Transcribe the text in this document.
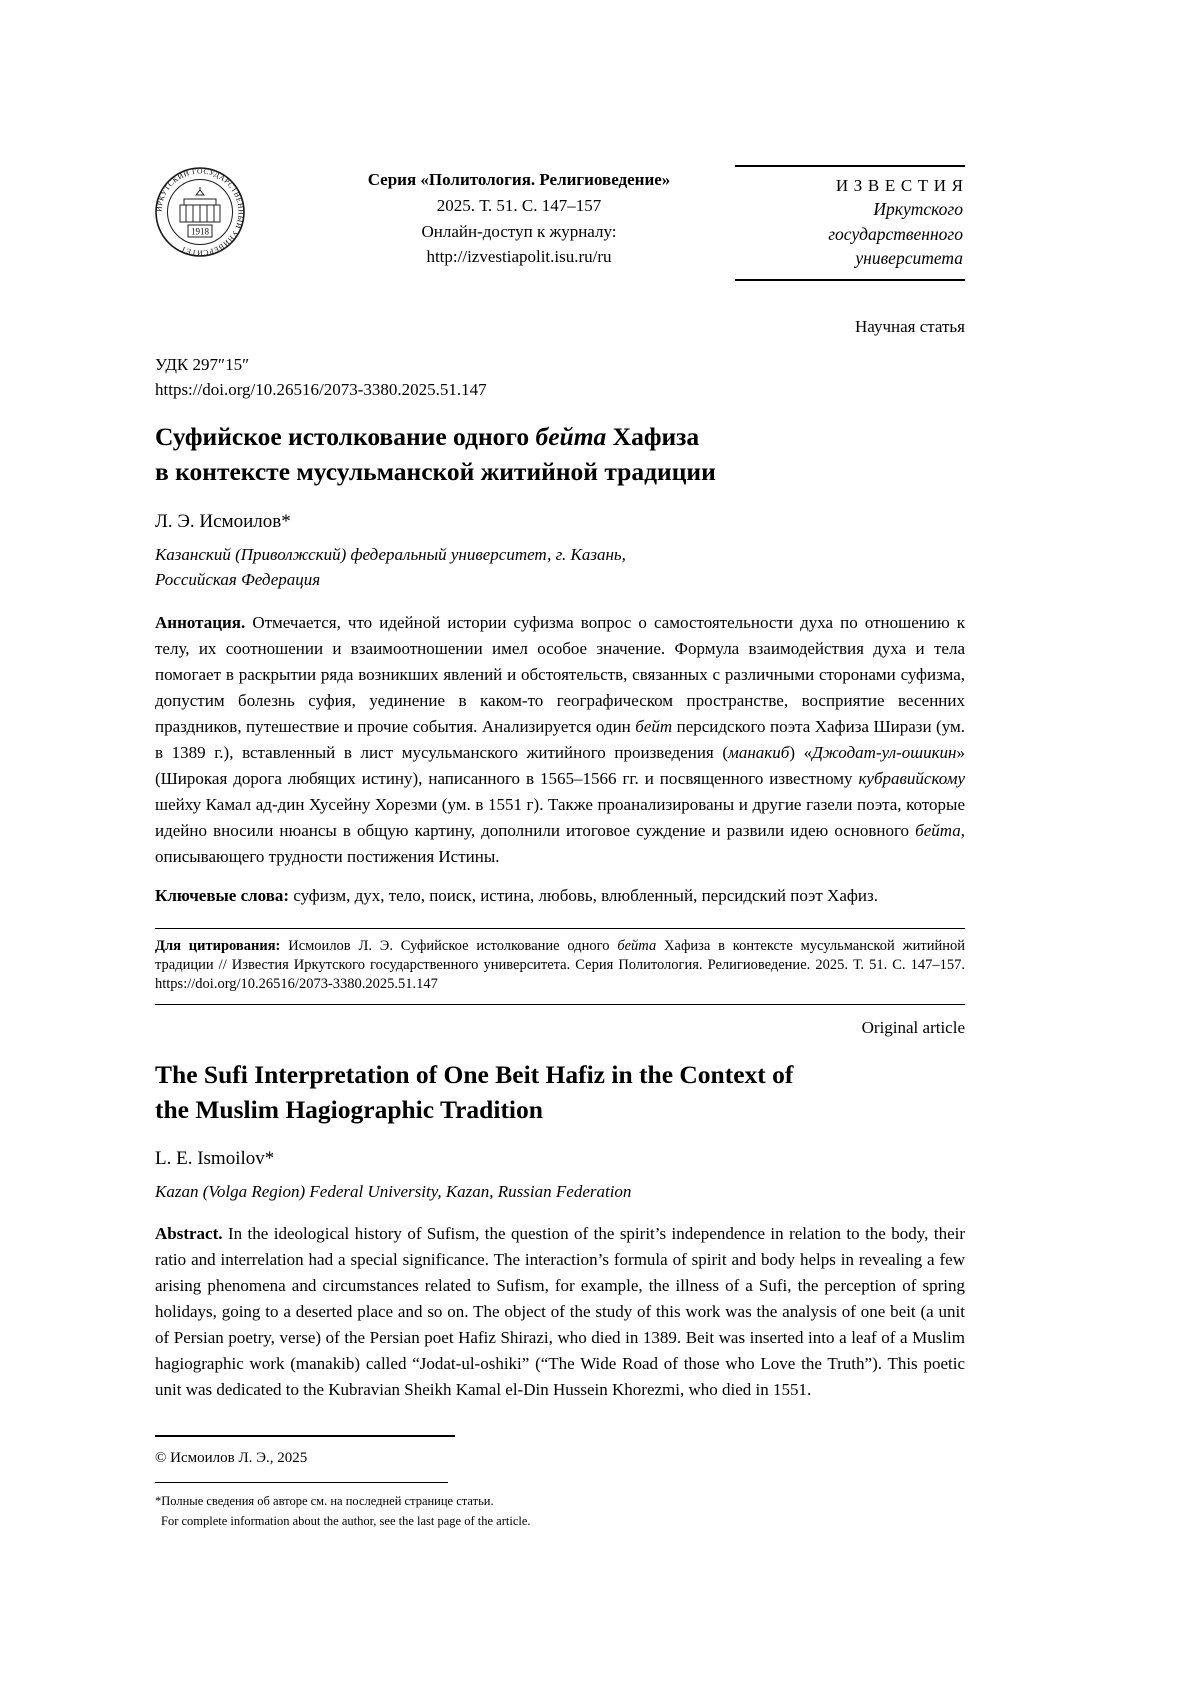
ИРКУТСКИЙ ГОСУДАРСТВЕННЫЙ УНИВЕРСИТЕТ
1918
Серия «Политология. Религиоведение»
2025. Т. 51. С. 147–157
Онлайн-доступ к журналу:
http://izvestiapolit.isu.ru/ru
ИЗВЕСТИЯ
Иркутского
государственного
университета
Научная статья
УДК 297″15″
https://doi.org/10.26516/2073-3380.2025.51.147
Суфийское истолкование одного бейта Хафиза
в контексте мусульманской житийной традиции
Л. Э. Исмоилов*
Казанский (Приволжский) федеральный университет, г. Казань,
Российская Федерация

Аннотация. Отмечается, что идейной истории суфизма вопрос о самостоятельности духа по отношению к телу, их соотношении и взаимоотношении имел особое значение. Формула взаимодействия духа и тела помогает в раскрытии ряда возникших явлений и обстоятельств, связанных с различными сторонами суфизма, допустим болезнь суфия, уединение в каком-то географическом пространстве, восприятие весенних праздников, путешествие и прочие события. Анализируется один бейт персидского поэта Хафиза Ширази (ум. в 1389 г.), вставленный в лист мусульманского житийного произведения (манакиб) «Джодат-ул-ошикин» (Широкая дорога любящих истину), написанного в 1565–1566 гг. и посвященного известному кубравийскому шейху Камал ад-дин Хусейну Хорезми (ум. в 1551 г). Также проанализированы и другие газели поэта, которые идейно вносили нюансы в общую картину, дополнили итоговое суждение и развили идею основного бейта, описывающего трудности постижения Истины.

Ключевые слова: суфизм, дух, тело, поиск, истина, любовь, влюбленный, персидский поэт Хафиз.

Для цитирования: Исмоилов Л. Э. Суфийское истолкование одного бейта Хафиза в контексте мусульманской житийной традиции // Известия Иркутского государственного университета. Серия Политология. Религиоведение. 2025. Т. 51. С. 147–157. https://doi.org/10.26516/2073-3380.2025.51.147
Original article
The Sufi Interpretation of One Beit Hafiz in the Context of
the Muslim Hagiographic Tradition
L. E. Ismoilov*
Kazan (Volga Region) Federal University, Kazan, Russian Federation

Abstract. In the ideological history of Sufism, the question of the spirit’s independence in relation to the body, their ratio and interrelation had a special significance. The interaction’s formula of spirit and body helps in revealing a few arising phenomena and circumstances related to Sufism, for example, the illness of a Sufi, the perception of spring holidays, going to a deserted place and so on. The object of the study of this work was the analysis of one beit (a unit of Persian poetry, verse) of the Persian poet Hafiz Shirazi, who died in 1389. Beit was inserted into a leaf of a Muslim hagiographic work (manakib) called “Jodat-ul-oshiki” (“The Wide Road of those who Love the Truth”). This poetic unit was dedicated to the Kubravian Sheikh Kamal el-Din Hussein Khorezmi, who died in 1551.

© Исмоилов Л. Э., 2025
*Полные сведения об авторе см. на последней странице статьи.
For complete information about the author, see the last page of the article.
